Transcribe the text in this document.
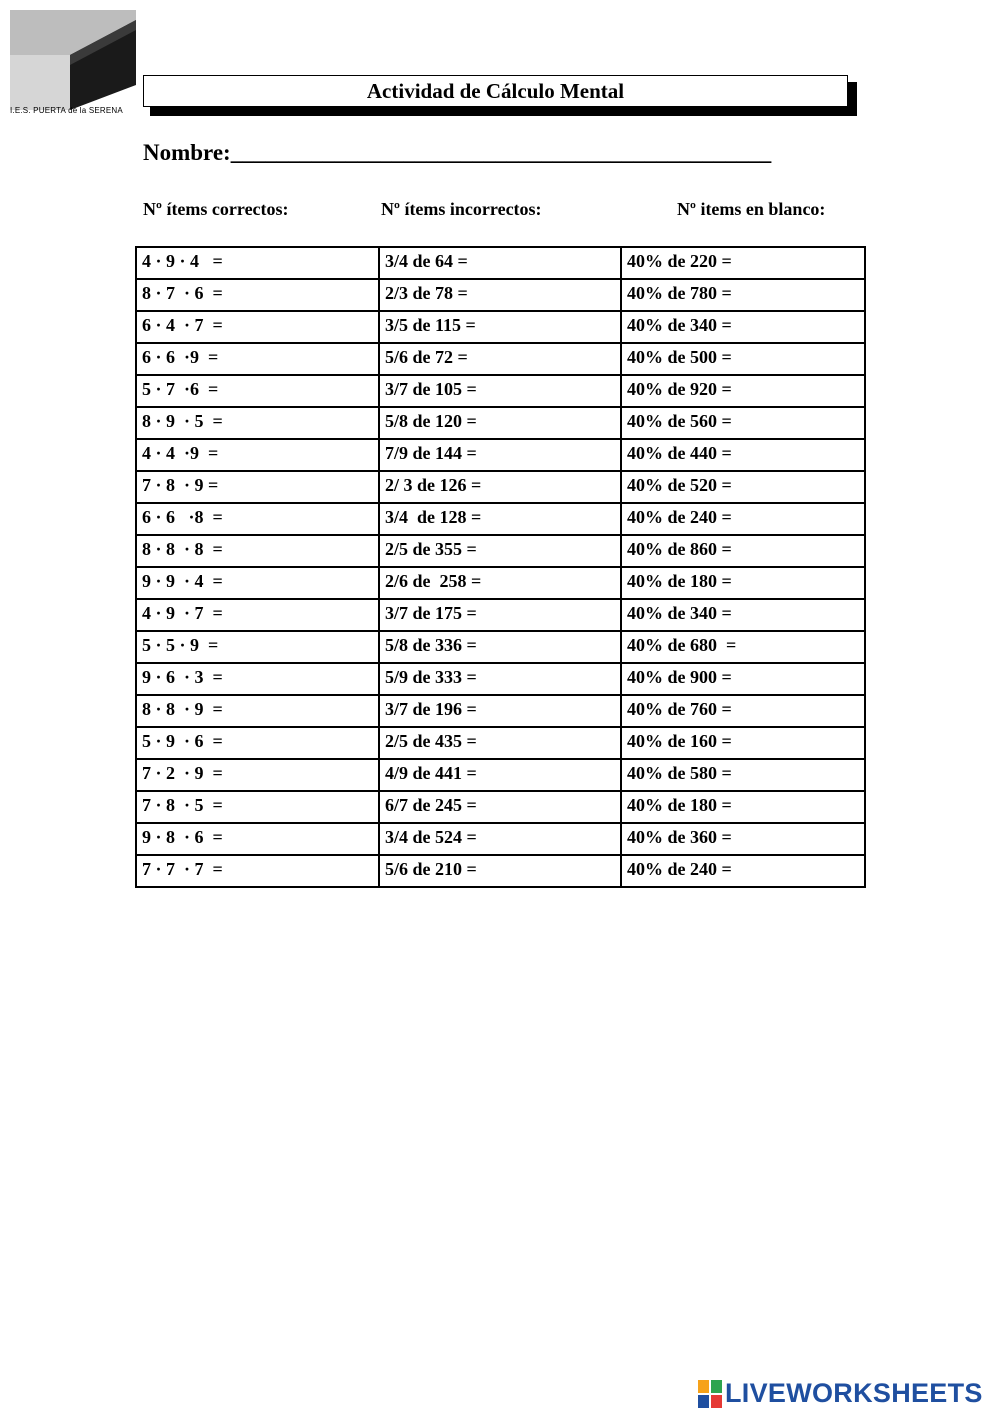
I.E.S. PUERTA de la SERENA
Actividad de Cálculo Mental
Nombre:_______________________________________________
Nº ítems correctos:	Nº ítems incorrectos:	Nº items en blanco:
4 · 9 · 4   =	3/4 de 64 =	40% de 220 =
8 · 7  · 6  =	2/3 de 78 =	40% de 780 =
6 · 4  · 7  =	3/5 de 115 =	40% de 340 =
6 · 6  ·9  =	5/6 de 72 =	40% de 500 =
5 · 7  ·6  =	3/7 de 105 =	40% de 920 =
8 · 9  · 5  =	5/8 de 120 =	40% de 560 =
4 · 4  ·9  =	7/9 de 144 =	40% de 440 =
7 · 8  · 9 =	2/ 3 de 126 =	40% de 520 =
6 · 6   ·8  =	3/4  de 128 =	40% de 240 =
8 · 8  · 8  =	2/5 de 355 =	40% de 860 =
9 · 9  · 4  =	2/6 de  258 =	40% de 180 =
4 · 9  · 7  =	3/7 de 175 =	40% de 340 =
5 · 5 · 9  =	5/8 de 336 =	40% de 680  =
9 · 6  · 3  =	5/9 de 333 =	40% de 900 =
8 · 8  · 9  =	3/7 de 196 =	40% de 760 =
5 · 9  · 6  =	2/5 de 435 =	40% de 160 =
7 · 2  · 9  =	4/9 de 441 =	40% de 580 =
7 · 8  · 5  =	6/7 de 245 =	40% de 180 =
9 · 8  · 6  =	3/4 de 524 =	40% de 360 =
7 · 7  · 7  =	5/6 de 210 =	40% de 240 =
LIVEWORKSHEETS
